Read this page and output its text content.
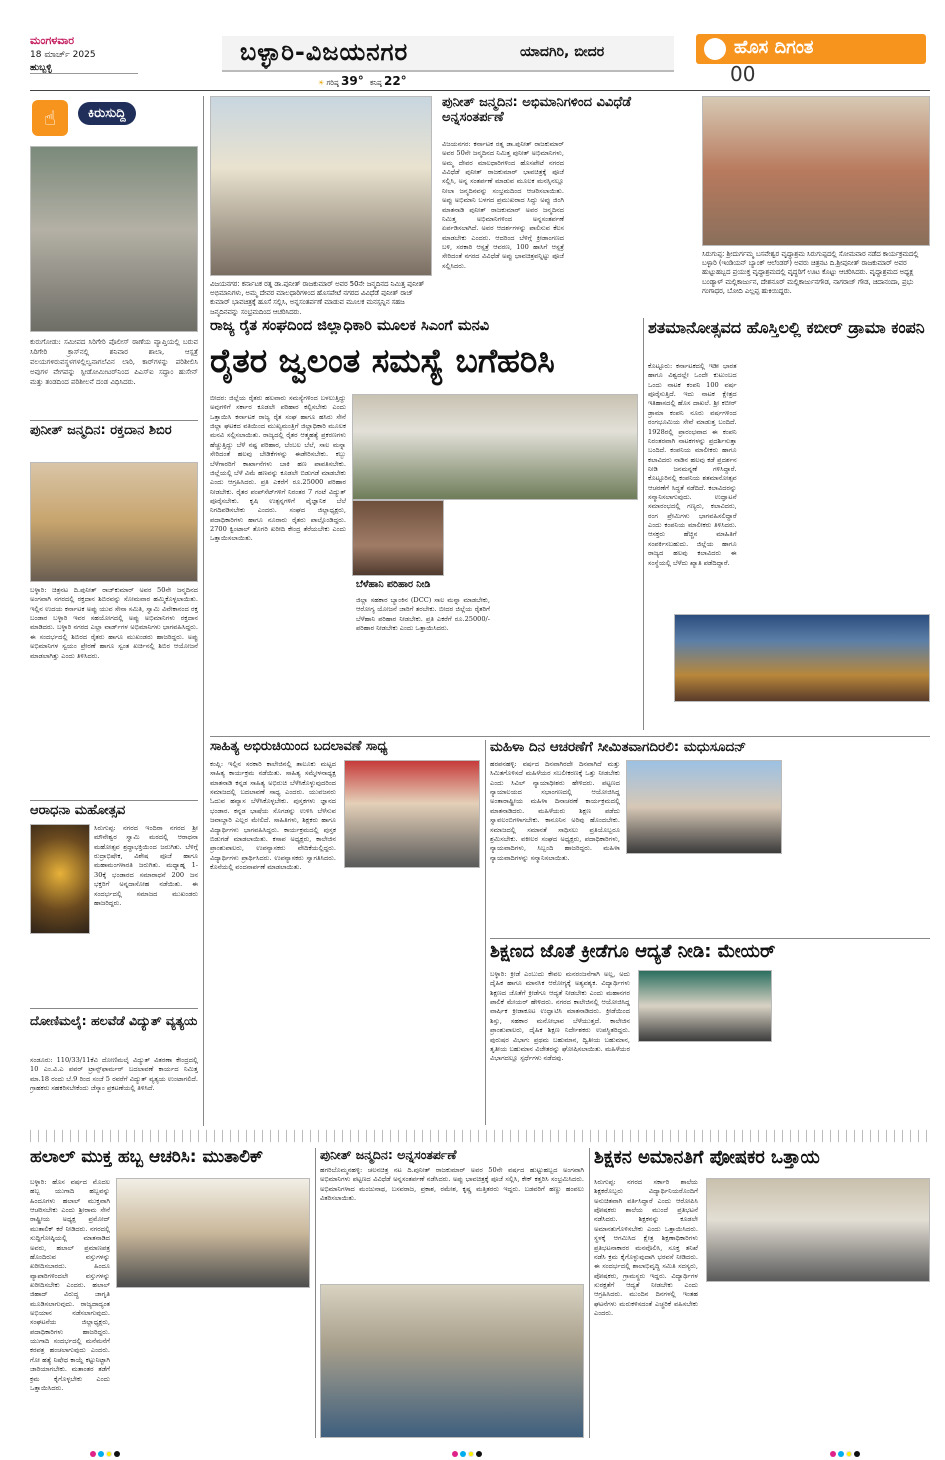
ಮಂಗಳವಾರ
18 ಮಾರ್ಚ್ 2025
ಹುಬ್ಬಳ್ಳಿ
ಬಳ್ಳಾರಿ-ವಿಜಯನಗರ	ಯಾದಗಿರಿ, ಬೀದರ
☀ ಗರಿಷ್ಠ 39° ಕನಿಷ್ಠ 22°
ಹೊಸ ದಿಗಂತ
00
☝	ಕಿರುಸುದ್ದಿ
ಕುರುಗೋಡು: ಸಮೀಪದ ಸಿರಿಗೇರಿ ಪೊಲೀಸ್ ಠಾಣೆಯ ವ್ಯಾಪ್ತಿಯಲ್ಲಿ ಬರುವ ಸಿರಿಗೇರಿ ಕ್ರಾಸ್‌ನಲ್ಲಿ ಶನಿವಾರ ಶಾಲಾ, ಆಸ್ಪತ್ರೆ ವಲಯಗಳಿರುವಸ್ಥಳಗಳಲ್ಲಿಲ್ವನಾಗಲೆವಿನ ಲಾರಿ, ಕಾರ್‌ಗಳನ್ನು ಪರಿಶೀಲಿಸಿ ಅವುಗಳ ವೇಗವನ್ನು ಸ್ಪೀಡೋಮೀಟರ್‌ನಿಂದ ಪಿಎಸ್‌ಐ ಸದ್ದಾಂ ಹುಸೇನ್ ಮತ್ತು ತಂಡದಿಂದ ಪರಿಶೀಲನೆ ದಂಡ ವಿಧಿಸಿದರು.
ಪುನೀತ್ ಜನ್ಮದಿನ: ರಕ್ತದಾನ ಶಿಬಿರ
ಬಳ್ಳಾರಿ: ಚಿತ್ರನಟ ದಿ.ಪುನೀತ್ ರಾಜ್‌ಕುಮಾರ್ ಅವರ 50ನೇ ಜನ್ಮದಿನದ ಅಂಗವಾಗಿ ನಗರದಲ್ಲಿ ರಕ್ತದಾನ ಶಿಬಿರವನ್ನು ಸೋಮವಾರ ಹಮ್ಮಿಕೊಳ್ಳಲಾಯಿತು. ಇಲ್ಲಿನ ಉದಯ ಕರ್ನಾಟಕ ಅಪ್ಪು ಯುವ ಸೇನಾ ಸಮಿತಿ, ಸ್ವಾಮಿ ವಿವೇಕಾನಂದ ರಕ್ತ ಬಂಡಾರ ಬಳ್ಳಾರಿ ಇವರ ಸಹಯೋಗದಲ್ಲಿ ಅಪ್ಪು ಅಭಿಮಾನಿಗಳು ರಕ್ತದಾನ ಮಾಡಿದರು. ಬಳ್ಳಾರಿ ನಗರದ ಎಲ್ಲಾ ವಾರ್ಡ್‌ಗಳ ಅಭಿಮಾನಿಗಳು ಭಾಗವಹಿಸಿದ್ದರು. ಈ ಸಂದರ್ಭದಲ್ಲಿ ಶಿಬಿರದ ರೈತರು ಹಾಗೂ ಮುಖಂಡರು ಹಾಜರಿದ್ದರು. ಅಪ್ಪು ಅಭಿಮಾನಿಗಳ ಸ್ವಯಂ ಪ್ರೇರಣೆ ಹಾಗೂ ಸ್ವಂತ ಖರ್ಚಿನಲ್ಲಿ ಶಿಬಿರ ಆಯೋಜನೆ ಮಾಡಲಾಗಿತ್ತು ಎಂದು ತಿಳಿಸಿದರು.
ಆರಾಧನಾ ಮಹೋತ್ಸವ
ಸಿರುಗುಪ್ಪ: ನಗರದ ಇಂದಿರಾ ನಗರದ ಶ್ರೀ ಮೌನೇಶ್ವರ ಸ್ವಾಮಿ ಮಠದಲ್ಲಿ ಆರಾಧನಾ ಮಹೋತ್ಸವ ಶ್ರದ್ಧಾಭಕ್ತಿಯಿಂದ ಜರುಗಿತು. ಬೆಳಿಗ್ಗೆ ರುದ್ರಾಭಿಷೇಕ, ವಿಶೇಷ ಪೂಜೆ ಹಾಗೂ ಮಹಾಮಂಗಳಾರತಿ ಜರುಗಿತು. ಮಧ್ಯಾಹ್ನ 1-30ಕ್ಕೆ ಭಂಡಾರದ ಸಮಾರಾಧನೆ 200 ಜನ ಭಕ್ತರಿಗೆ ಅನ್ನದಾಸೋಹ ನಡೆಯಿತು. ಈ ಸಂದರ್ಭದಲ್ಲಿ ಸಮಾಜದ ಮುಖಂಡರು ಹಾಜರಿದ್ದರು.
ದೋಣಿಮಲೈ: ಹಲವೆಡೆ ವಿದ್ಯುತ್ ವ್ಯತ್ಯಯ
ಸಂಡೂರು: 110/33/11ಕೆವಿ ದೋಣಿಮಲೈ ವಿದ್ಯುತ್ ವಿತರಣಾ ಕೇಂದ್ರದಲ್ಲಿ 10 ಎಂ.ವಿ.ಎ ಪವರ್ ಟ್ರಾನ್ಸ್‌ಫಾರ್ಮರ್ ಬದಲಾವಣೆ ಕಾರ್ಯದ ನಿಮಿತ್ತ ಮಾ.18 ರಂದು ಬೆ.9 ರಿಂದ ಸಂಜೆ 5 ರವರೆಗೆ ವಿದ್ಯುತ್ ವ್ಯತ್ಯಯ ಉಂಟಾಗಲಿದೆ. ಗ್ರಾಹಕರು ಸಹಕರಿಸಬೇಕೆಂದು ಜೆಸ್ಕಾಂ ಪ್ರಕಟಣೆಯಲ್ಲಿ ತಿಳಿಸಿದೆ.
ವಿಜಯನಗರ: ಕರ್ನಾಟಕ ರತ್ನ ಡಾ.ಪುನೀತ್ ರಾಜಕುಮಾರ್ ಅವರ 50ನೇ ಜನ್ಮದಿನದ ನಿಮಿತ್ತ ಪುನೀತ್ ಅಭಿಮಾನಿಗಳು, ಅಮ್ಮ ದೇವರ ಮಾಲಧಾರಿಗಳಿಂದ ಹೊಸಪೇಟೆ ನಗರದ ವಿವಿಧೆಡೆ ಪುನೀತ್ ರಾಜ್ ಕುಮಾರ್ ಭಾವಚಿತ್ರಕ್ಕೆ ಹೂಸೆ ಸಲ್ಲಿಸಿ, ಅನ್ನಸಂತರ್ಪಣೆ ಮಾಡುವ ಮೂಲಕ ಮನಸ್ಸನ್ನಿನ ಸಹಜ ಜನ್ಮದಿನವನ್ನು ಸಂಭ್ರಮದಿಂದ ಆಚರಿಸಿದರು.
ಪುನೀತ್ ಜನ್ಮದಿನ: ಅಭಿಮಾನಿಗಳಿಂದ ವಿವಿಧೆಡೆ ಅನ್ನಸಂತರ್ಪಣೆ
ವಿಜಯನಗರ: ಕರ್ನಾಟಕ ರತ್ನ ಡಾ.ಪುನೀತ್ ರಾಜಕುಮಾರ್ ಅವರ 50ನೇ ಜನ್ಮದಿನದ ನಿಮಿತ್ತ ಪುನೀತ್ ಅಭಿಮಾನಿಗಳು, ಅಮ್ಮ ದೇವರ ಮಾಲಧಾರಿಗಳಿಂದ ಹೊಸಪೇಟೆ ನಗರದ ವಿವಿಧೆಡೆ ಪುನೀತ್ ರಾಜಕುಮಾರ್ ಭಾವಚಿತ್ರಕ್ಕೆ ಪೂಜೆ ಸಲ್ಲಿಸಿ, ಅನ್ನ ಸಂತರ್ಪಣೆ ಮಾಡುವ ಮೂಲಕ ಮನಸ್ಸಿನಲ್ಲೂ ನೀಲಾ ಜನ್ಮದಿನವನ್ನು ಸಂಭ್ರಮದಿಂದ ಆಚರಿಸಲಾಯಿತು. ಅಪ್ಪು ಅಭಿಮಾನಿ ಬಳಗದ ಪ್ರಮುಖರಾದ ಸಿದ್ದು ಅಪ್ಪು ಜಿಂಗಿ ಮಾತನಾಡಿ ಪುನೀತ್ ರಾಜಕುಮಾರ್ ಅವರ ಜನ್ಮದಿನದ ನಿಮಿತ್ತ ಅಭಿಮಾನಿಗಳಿಂದ ಅನ್ನಸಂತರ್ಪಣೆ ಏರ್ಪಡಿಸಲಾಗಿದೆ. ಅವರ ಆದರ್ಶಗಳನ್ನು ಪಾಲಿಸುವ ಕೆಲಸ ಮಾಡಬೇಕು ಎಂದರು. ಆದರಿಂದ ಬೆಳಿಗ್ಗೆ ಕ್ರೀಡಾಂಗಣದ ಬಳಿ, ಸರಕಾರಿ ಆಸ್ಪತ್ರೆ ಆವರಣ, 100 ಹಾಸಿಗೆ ಆಸ್ಪತ್ರೆ ಸೇರಿದಂತೆ ನಗರದ ವಿವಿಧೆಡೆ ಅಪ್ಪು ಭಾವಚಿತ್ರವನ್ನಿಟ್ಟು ಪೂಜೆ ಸಲ್ಲಿಸಿದರು.
ಸಿರುಗುಪ್ಪ: ಶ್ರೀದುರ್ಗಮ್ಮ ಬಸವೇಶ್ವರ ವೃದ್ಧಾಶ್ರಮ ಸಿರುಗುಪ್ಪದಲ್ಲಿ ಸೋಮವಾರ ನಡೆದ ಕಾರ್ಯಕ್ರಮದಲ್ಲಿ ಬಳ್ಳಾರಿ (ಇಂಡಿಯನ್ ಬ್ಯಾಂಕ್ ಆಲೆಂಡರ್) ಅವರು ಚಿತ್ರನಟ ದಿ.ಶ್ರೀಪುನೀತ್ ರಾಜಕುಮಾರ್ ಅವರ ಹುಟ್ಟುಹಬ್ಬದ ಪ್ರಯುಕ್ತ ವೃದ್ಧಾಶ್ರಮದಲ್ಲಿ ವೃದ್ಧರಿಗೆ ಊಟ ಕೊಟ್ಟು ಆಚರಿಸಿದರು. ವೃದ್ಧಾಶ್ರಮದ ಅಧ್ಯಕ್ಷ ಬಂಡ್ಯಾಳ್ ಮಲ್ಲಿಕಾರ್ಜುನ, ದೇಶನೂರ್ ಮಲ್ಲಿಕಾರ್ಜುನಗೌಡ, ನಾಗರಾಜ್ ಗೌಡ, ಚಿದಾನಂದಾ, ಪ್ರಭು ಗಂಗಾಧರ, ಬೋದಿ ಎಲ್ಲಪ್ಪ ಹುಕಿಯಿದ್ದರು.
ರಾಜ್ಯ ರೈತ ಸಂಘದಿಂದ ಜಿಲ್ಲಾಧಿಕಾರಿ ಮೂಲಕ ಸಿಎಂಗೆ ಮನವಿ
ರೈತರ ಜ್ವಲಂತ ಸಮಸ್ಯೆ ಬಗೆಹರಿಸಿ
ಬೀದರ: ಜಿಲ್ಲೆಯ ರೈತರು ಹಲವಾರು ಸಮಸ್ಯೆಗಳಿಂದ ಬಳಲುತ್ತಿದ್ದು ಅವುಗಳಿಗೆ ಸರ್ಕಾರ ಕೂಡಲೇ ಪರಿಹಾರ ಕಲ್ಪಿಸಬೇಕು ಎಂದು ಒತ್ತಾಯಿಸಿ ಕರ್ನಾಟಕ ರಾಜ್ಯ ರೈತ ಸಂಘ ಹಾಗೂ ಹಸಿರು ಸೇನೆ ಜಿಲ್ಲಾ ಘಟಕದ ವತಿಯಿಂದ ಮುಖ್ಯಮಂತ್ರಿಗೆ ಜಿಲ್ಲಾಧಿಕಾರಿ ಮೂಲಕ ಮನವಿ ಸಲ್ಲಿಸಲಾಯಿತು. ರಾಜ್ಯದಲ್ಲಿ ರೈತರ ಆತ್ಮಹತ್ಯೆ ಪ್ರಕರಣಗಳು ಹೆಚ್ಚುತ್ತಿದ್ದು ಬೆಳೆ ನಷ್ಟ ಪರಿಹಾರ, ಬೆಂಬಲ ಬೆಲೆ, ಸಾಲ ಮನ್ನಾ ಸೇರಿದಂತೆ ಹಲವು ಬೇಡಿಕೆಗಳನ್ನು ಈಡೇರಿಸಬೇಕು. ಕಬ್ಬು ಬೆಳೆಗಾರರಿಗೆ ಕಾರ್ಖಾನೆಗಳು ಬಾಕಿ ಹಣ ಪಾವತಿಸಬೇಕು. ಜಿಲ್ಲೆಯಲ್ಲಿ ಬೆಳೆ ವಿಮೆ ಹಣವನ್ನು ಕೂಡಲೇ ಬಿಡುಗಡೆ ಮಾಡಬೇಕು ಎಂದು ಆಗ್ರಹಿಸಿದರು. ಪ್ರತಿ ಎಕರೆಗೆ ರೂ.25000 ಪರಿಹಾರ ನೀಡಬೇಕು. ರೈತರ ಪಂಪ್‌ಸೆಟ್‌ಗಳಿಗೆ ನಿರಂತರ 7 ಗಂಟೆ ವಿದ್ಯುತ್ ಪೂರೈಸಬೇಕು. ಕೃಷಿ ಉತ್ಪನ್ನಗಳಿಗೆ ವೈಜ್ಞಾನಿಕ ಬೆಲೆ ನಿಗದಿಪಡಿಸಬೇಕು ಎಂದರು. ಸಂಘದ ಜಿಲ್ಲಾಧ್ಯಕ್ಷರು, ಪದಾಧಿಕಾರಿಗಳು ಹಾಗೂ ನೂರಾರು ರೈತರು ಪಾಲ್ಗೊಂಡಿದ್ದರು. 2700 ಕ್ವಿಂಟಾಲ್ ತೊಗರಿ ಖರೀದಿ ಕೇಂದ್ರ ತೆರೆಯಬೇಕು ಎಂದು ಒತ್ತಾಯಿಸಲಾಯಿತು.
ಬೆಳೆಹಾನಿ ಪರಿಹಾರ ನೀಡಿ
ಜಿಲ್ಲಾ ಸಹಕಾರ ಬ್ಯಾಂಕಿನ (DCC) ಸಾಲ ಮನ್ನಾ ಮಾಡಬೇಕು, ಆರೋಗ್ಯ ಯೋಜನೆ ಜಾರಿಗೆ ತರಬೇಕು. ಬೀದರ ಜಿಲ್ಲೆಯ ರೈತರಿಗೆ ಬೆಳೆಹಾನಿ ಪರಿಹಾರ ನೀಡಬೇಕು. ಪ್ರತಿ ಎಕರೆಗೆ ರೂ.25000/- ಪರಿಹಾರ ನೀಡಬೇಕು ಎಂದು ಒತ್ತಾಯಿಸಿದರು.
ಶತಮಾನೋತ್ಸವದ ಹೊಸ್ತಿಲಲ್ಲಿ ಕಬೀರ್ ಡ್ರಾಮಾ ಕಂಪನಿ
ಕೊಟ್ಟೂರು: ಕರ್ನಾಟಕದಲ್ಲಿ ಇಡೀ ಭಾರತ ಹಾಗೂ ವಿಶ್ವದಲ್ಲೇ ಒಂದೇ ಕುಟುಂಬದ ಒಂದು ನಾಟಕ ಕಂಪನಿ 100 ವರ್ಷ ಪೂರೈಸುತ್ತಿದೆ. ಇದು ನಾಟಕ ಕ್ಷೇತ್ರದ ಇತಿಹಾಸದಲ್ಲಿ ಹೊಸ ದಾಖಲೆ. ಶ್ರೀ ಕಬೀರ್ ಡ್ರಾಮಾ ಕಂಪನಿ ನೂರು ವರ್ಷಗಳಿಂದ ರಂಗಭೂಮಿಯ ಸೇವೆ ಮಾಡುತ್ತ ಬಂದಿದೆ. 1928ರಲ್ಲಿ ಪ್ರಾರಂಭವಾದ ಈ ಕಂಪನಿ ನಿರಂತರವಾಗಿ ನಾಟಕಗಳನ್ನು ಪ್ರದರ್ಶಿಸುತ್ತಾ ಬಂದಿದೆ. ಕಂಪನಿಯ ಮಾಲೀಕರು ಹಾಗೂ ಕಲಾವಿದರು ನಾಡಿನ ಹಲವು ಕಡೆ ಪ್ರದರ್ಶನ ನೀಡಿ ಜನಮನ್ನಣೆ ಗಳಿಸಿದ್ದಾರೆ. ಕೊಟ್ಟೂರಿನಲ್ಲಿ ಕಂಪನಿಯ ಶತಮಾನೋತ್ಸವ ಆಚರಣೆಗೆ ಸಿದ್ಧತೆ ನಡೆದಿದೆ. ಕಲಾವಿದರನ್ನು ಸನ್ಮಾನಿಸಲಾಗುವುದು. ಉದ್ಘಾಟನೆ ಸಮಾರಂಭದಲ್ಲಿ ಗಣ್ಯರು, ಕಲಾವಿದರು, ರಂಗ ಪ್ರೇಮಿಗಳು ಭಾಗವಹಿಸಲಿದ್ದಾರೆ ಎಂದು ಕಂಪನಿಯ ಮಾಲೀಕರು ತಿಳಿಸಿದರು. ಆಸಕ್ತರು ಹೆಚ್ಚಿನ ಮಾಹಿತಿಗೆ ಸಂಪರ್ಕಿಸಬಹುದು. ಜಿಲ್ಲೆಯ ಹಾಗೂ ರಾಜ್ಯದ ಹಲವು ಕಲಾವಿದರು ಈ ಸಂಸ್ಥೆಯಲ್ಲಿ ಬೆಳೆದು ಖ್ಯಾತಿ ಪಡೆದಿದ್ದಾರೆ.
ಸಾಹಿತ್ಯ ಅಭಿರುಚಿಯಿಂದ ಬದಲಾವಣೆ ಸಾಧ್ಯ
ಕಂಪ್ಲಿ: ಇಲ್ಲಿನ ಸರಕಾರಿ ಕಾಲೇಜಿನಲ್ಲಿ ತಾಲೂಕು ಮಟ್ಟದ ಸಾಹಿತ್ಯ ಕಾರ್ಯಕ್ರಮ ನಡೆಯಿತು. ಸಾಹಿತ್ಯ ಸಮ್ಮೇಳನಾಧ್ಯಕ್ಷ ಮಾತನಾಡಿ ಕನ್ನಡ ಸಾಹಿತ್ಯ ಅಭಿರುಚಿ ಬೆಳೆಸಿಕೊಳ್ಳುವುದರಿಂದ ಸಮಾಜದಲ್ಲಿ ಬದಲಾವಣೆ ಸಾಧ್ಯ ಎಂದರು. ಯುವಜನರು ಓದುವ ಹವ್ಯಾಸ ಬೆಳೆಸಿಕೊಳ್ಳಬೇಕು. ಪುಸ್ತಕಗಳು ಜ್ಞಾನದ ಭಂಡಾರ. ಕನ್ನಡ ಭಾಷೆಯ ಸೊಗಡನ್ನು ಉಳಿಸಿ ಬೆಳೆಸುವ ಜವಾಬ್ದಾರಿ ಎಲ್ಲರ ಮೇಲಿದೆ. ಸಾಹಿತಿಗಳು, ಶಿಕ್ಷಕರು ಹಾಗೂ ವಿದ್ಯಾರ್ಥಿಗಳು ಭಾಗವಹಿಸಿದ್ದರು. ಕಾರ್ಯಕ್ರಮದಲ್ಲಿ ಪುಸ್ತಕ ಬಿಡುಗಡೆ ಮಾಡಲಾಯಿತು. ಕಸಾಪ ಅಧ್ಯಕ್ಷರು, ಕಾಲೇಜಿನ ಪ್ರಾಂಶುಪಾಲರು, ಉಪನ್ಯಾಸಕರು ವೇದಿಕೆಯಲ್ಲಿದ್ದರು. ವಿದ್ಯಾರ್ಥಿಗಳು ಪ್ರಾರ್ಥಿಸಿದರು. ಉಪನ್ಯಾಸಕರು ಸ್ವಾಗತಿಸಿದರು. ಕೊನೆಯಲ್ಲಿ ವಂದನಾರ್ಪಣೆ ಮಾಡಲಾಯಿತು.
ಮಹಿಳಾ ದಿನ ಆಚರಣೆಗೆ ಸೀಮಿತವಾಗದಿರಲಿ: ಮಧುಸೂದನ್
ಹರಪನಹಳ್ಳಿ: ವರ್ಷದ ದಿನವಾಗಿರದೇ ದಿನವಾಗಿದೆ ಮತ್ತು ಸಿಮಿತಗೊಳಿಸದೆ ಮಹಿಳೆಯರ ಸಬಲೀಕರಣಕ್ಕೆ ಒತ್ತು ನೀಡಬೇಕು ಎಂದು ಸಿವಿಲ್ ನ್ಯಾಯಾಧೀಶರು ಹೇಳಿದರು. ಪಟ್ಟಣದ ನ್ಯಾಯಾಲಯದ ಸಭಾಂಗಣದಲ್ಲಿ ಆಯೋಜಿಸಿದ್ದ ಅಂತಾರಾಷ್ಟ್ರೀಯ ಮಹಿಳಾ ದಿನಾಚರಣೆ ಕಾರ್ಯಕ್ರಮದಲ್ಲಿ ಮಾತನಾಡಿದರು. ಮಹಿಳೆಯರು ಶಿಕ್ಷಣ ಪಡೆದು ಸ್ವಾವಲಂಬಿಗಳಾಗಬೇಕು. ಕಾನೂನಿನ ಅರಿವು ಹೊಂದಬೇಕು. ಸಮಾಜದಲ್ಲಿ ಸಮಾನತೆ ಸಾಧಿಸಲು ಪ್ರತಿಯೊಬ್ಬರೂ ಶ್ರಮಿಸಬೇಕು. ವಕೀಲರ ಸಂಘದ ಅಧ್ಯಕ್ಷರು, ಪದಾಧಿಕಾರಿಗಳು, ನ್ಯಾಯವಾದಿಗಳು, ಸಿಬ್ಬಂದಿ ಹಾಜರಿದ್ದರು. ಮಹಿಳಾ ನ್ಯಾಯವಾದಿಗಳನ್ನು ಸನ್ಮಾನಿಸಲಾಯಿತು.
ಶಿಕ್ಷಣದ ಜೊತೆ ಕ್ರೀಡೆಗೂ ಆದ್ಯತೆ ನೀಡಿ: ಮೇಯರ್
ಬಳ್ಳಾರಿ: ಕ್ರೀಡೆ ಎಂಬುದು ಕೇವಲ ಮನರಂಜನೆಗಾಗಿ ಅಲ್ಲ, ಅದು ದೈಹಿಕ ಹಾಗೂ ಮಾನಸಿಕ ಆರೋಗ್ಯಕ್ಕೆ ಅತ್ಯವಶ್ಯಕ. ವಿದ್ಯಾರ್ಥಿಗಳು ಶಿಕ್ಷಣದ ಜೊತೆಗೆ ಕ್ರೀಡೆಗೂ ಆದ್ಯತೆ ನೀಡಬೇಕು ಎಂದು ಮಹಾನಗರ ಪಾಲಿಕೆ ಮೇಯರ್ ಹೇಳಿದರು. ನಗರದ ಕಾಲೇಜಿನಲ್ಲಿ ಆಯೋಜಿಸಿದ್ದ ವಾರ್ಷಿಕ ಕ್ರೀಡಾಕೂಟ ಉದ್ಘಾಟಿಸಿ ಮಾತನಾಡಿದರು. ಕ್ರೀಡೆಯಿಂದ ಶಿಸ್ತು, ಸಹಕಾರ ಮನೋಭಾವ ಬೆಳೆಯುತ್ತದೆ. ಕಾಲೇಜಿನ ಪ್ರಾಂಶುಪಾಲರು, ದೈಹಿಕ ಶಿಕ್ಷಣ ನಿರ್ದೇಶಕರು ಉಪಸ್ಥಿತರಿದ್ದರು. ಪುರುಷರ ವಿಭಾಗ: ಪ್ರಥಮ ಬಹುಮಾನ, ದ್ವಿತೀಯ ಬಹುಮಾನ, ತೃತೀಯ ಬಹುಮಾನ ವಿಜೇತರನ್ನು ಘೋಷಿಸಲಾಯಿತು. ಮಹಿಳೆಯರ ವಿಭಾಗದಲ್ಲೂ ಸ್ಪರ್ಧೆಗಳು ನಡೆದವು.
ಹಲಾಲ್ ಮುಕ್ತ ಹಬ್ಬ ಆಚರಿಸಿ: ಮುತಾಲಿಕ್
ಬಳ್ಳಾರಿ: ಹೊಸ ವರ್ಷದ ಮೊದಲ ಹಬ್ಬ ಯುಗಾದಿ ಹಬ್ಬವನ್ನು ಹಿಂದೂಗಳು ಹಲಾಲ್ ಮುಕ್ತವಾಗಿ ಆಚರಿಸಬೇಕು ಎಂದು ಶ್ರೀರಾಮ ಸೇನೆ ರಾಷ್ಟ್ರೀಯ ಅಧ್ಯಕ್ಷ ಪ್ರಮೋದ್ ಮುತಾಲಿಕ್ ಕರೆ ನೀಡಿದರು. ನಗರದಲ್ಲಿ ಸುದ್ದಿಗೋಷ್ಠಿಯಲ್ಲಿ ಮಾತನಾಡಿದ ಅವರು, ಹಲಾಲ್ ಪ್ರಮಾಣಪತ್ರ ಹೊಂದಿರುವ ವಸ್ತುಗಳನ್ನು ಖರೀದಿಸಬಾರದು. ಹಿಂದೂ ವ್ಯಾಪಾರಿಗಳಿಂದಲೇ ವಸ್ತುಗಳನ್ನು ಖರೀದಿಸಬೇಕು ಎಂದರು. ಹಲಾಲ್ ಜಿಹಾದ್ ವಿರುದ್ಧ ಜಾಗೃತಿ ಮೂಡಿಸಲಾಗುವುದು. ರಾಜ್ಯದಾದ್ಯಂತ ಅಭಿಯಾನ ನಡೆಸಲಾಗುವುದು. ಸಂಘಟನೆಯ ಜಿಲ್ಲಾಧ್ಯಕ್ಷರು, ಪದಾಧಿಕಾರಿಗಳು ಹಾಜರಿದ್ದರು. ಯುಗಾದಿ ಸಂದರ್ಭದಲ್ಲಿ ಮನೆಮನೆಗೆ ಕರಪತ್ರ ಹಂಚಲಾಗುವುದು ಎಂದರು. ಗೋ ಹತ್ಯೆ ನಿಷೇಧ ಕಾಯ್ದೆ ಕಟ್ಟುನಿಟ್ಟಾಗಿ ಜಾರಿಯಾಗಬೇಕು. ಮತಾಂತರ ತಡೆಗೆ ಕ್ರಮ ಕೈಗೊಳ್ಳಬೇಕು ಎಂದು ಒತ್ತಾಯಿಸಿದರು.
ಪುನೀತ್ ಜನ್ಮದಿನ: ಅನ್ನಸಂತರ್ಪಣೆ
ಹಗರಿಬೊಮ್ಮನಹಳ್ಳಿ: ಚಲನಚಿತ್ರ ನಟ ದಿ.ಪುನೀತ್ ರಾಜಕುಮಾರ್ ಅವರ 50ನೇ ವರ್ಷದ ಹುಟ್ಟುಹಬ್ಬದ ಅಂಗವಾಗಿ ಅಭಿಮಾನಿಗಳು ಪಟ್ಟಣದ ವಿವಿಧೆಡೆ ಅನ್ನಸಂತರ್ಪಣೆ ನಡೆಸಿದರು. ಅಪ್ಪು ಭಾವಚಿತ್ರಕ್ಕೆ ಪೂಜೆ ಸಲ್ಲಿಸಿ, ಕೇಕ್ ಕತ್ತರಿಸಿ ಸಂಭ್ರಮಿಸಿದರು. ಅಭಿಮಾನಿಗಳಾದ ಮಂಜುನಾಥ, ಬಸವರಾಜ, ಪ್ರಕಾಶ, ರಮೇಶ, ಕೃಷ್ಣ ಮತ್ತಿತರರು ಇದ್ದರು. ಬಡವರಿಗೆ ಹಣ್ಣು ಹಂಪಲು ವಿತರಿಸಲಾಯಿತು.
ಶಿಕ್ಷಕನ ಅಮಾನತಿಗೆ ಪೋಷಕರ ಒತ್ತಾಯ
ಸಿರುಗುಪ್ಪ: ನಗರದ ಸರ್ಕಾರಿ ಶಾಲೆಯ ಶಿಕ್ಷಕರೊಬ್ಬರು ವಿದ್ಯಾರ್ಥಿನಿಯರೊಂದಿಗೆ ಅನುಚಿತವಾಗಿ ವರ್ತಿಸಿದ್ದಾರೆ ಎಂದು ಆರೋಪಿಸಿ ಪೋಷಕರು ಶಾಲೆಯ ಮುಂದೆ ಪ್ರತಿಭಟನೆ ನಡೆಸಿದರು. ಶಿಕ್ಷಕನನ್ನು ಕೂಡಲೇ ಅಮಾನತುಗೊಳಿಸಬೇಕು ಎಂದು ಒತ್ತಾಯಿಸಿದರು. ಸ್ಥಳಕ್ಕೆ ಆಗಮಿಸಿದ ಕ್ಷೇತ್ರ ಶಿಕ್ಷಣಾಧಿಕಾರಿಗಳು ಪ್ರತಿಭಟನಾಕಾರರ ಮನವೊಲಿಸಿ, ಸೂಕ್ತ ತನಿಖೆ ನಡೆಸಿ ಕ್ರಮ ಕೈಗೊಳ್ಳುವುದಾಗಿ ಭರವಸೆ ನೀಡಿದರು. ಈ ಸಂದರ್ಭದಲ್ಲಿ ಶಾಲಾಭಿವೃದ್ಧಿ ಸಮಿತಿ ಸದಸ್ಯರು, ಪೋಷಕರು, ಗ್ರಾಮಸ್ಥರು ಇದ್ದರು. ವಿದ್ಯಾರ್ಥಿಗಳ ಸುರಕ್ಷತೆಗೆ ಆದ್ಯತೆ ನೀಡಬೇಕು ಎಂದು ಆಗ್ರಹಿಸಿದರು. ಮುಂದಿನ ದಿನಗಳಲ್ಲಿ ಇಂತಹ ಘಟನೆಗಳು ಮರುಕಳಿಸದಂತೆ ಎಚ್ಚರಿಕೆ ವಹಿಸಬೇಕು ಎಂದರು.
